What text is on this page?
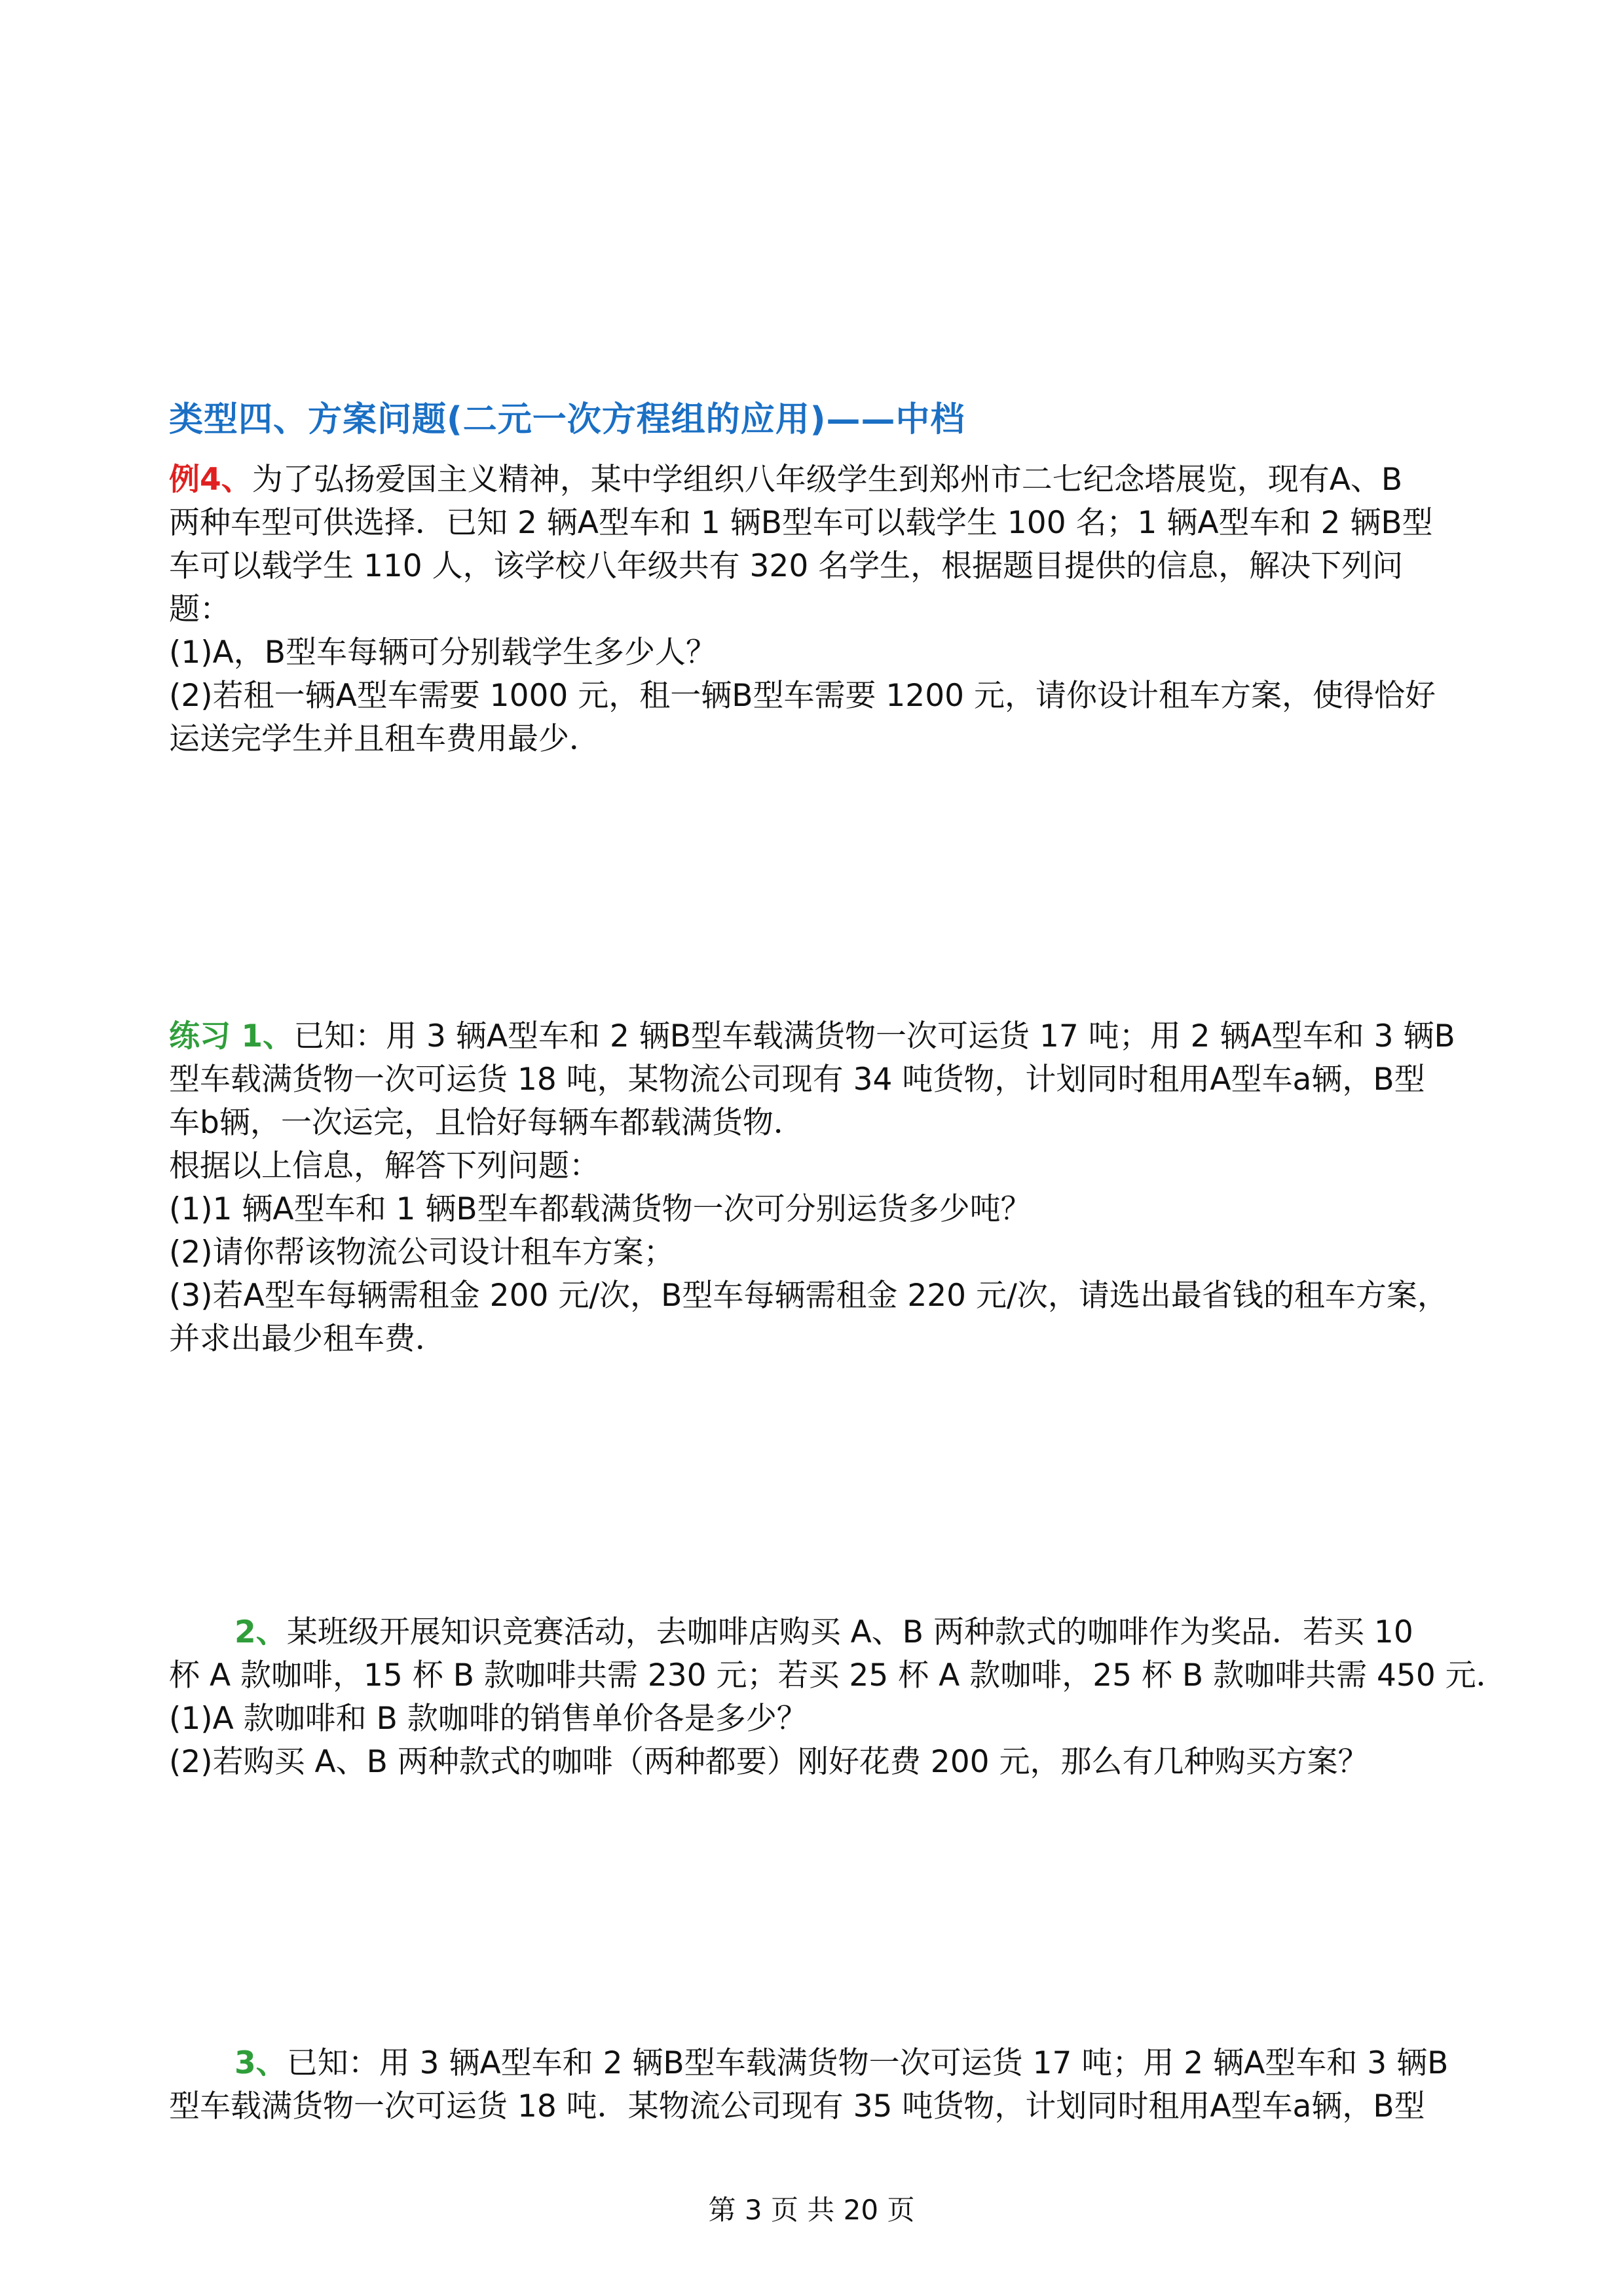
类型四、方案问题(二元一次方程组的应用)——中档

例4、为了弘扬爱国主义精神，某中学组织八年级学生到郑州市二七纪念塔展览，现有A、B

两种车型可供选择．已知 2 辆A型车和 1 辆B型车可以载学生 100 名；1 辆A型车和 2 辆B型

车可以载学生 110 人，该学校八年级共有 320 名学生，根据题目提供的信息，解决下列问

题：

(1)A，B型车每辆可分别载学生多少人？

(2)若租一辆A型车需要 1000 元，租一辆B型车需要 1200 元，请你设计租车方案，使得恰好

运送完学生并且租车费用最少．

练习 1、已知：用 3 辆A型车和 2 辆B型车载满货物一次可运货 17 吨；用 2 辆A型车和 3 辆B

型车载满货物一次可运货 18 吨，某物流公司现有 34 吨货物，计划同时租用A型车a辆，B型

车b辆，一次运完，且恰好每辆车都载满货物．

根据以上信息，解答下列问题：

(1)1 辆A型车和 1 辆B型车都载满货物一次可分别运货多少吨？

(2)请你帮该物流公司设计租车方案；

(3)若A型车每辆需租金 200 元/次，B型车每辆需租金 220 元/次，请选出最省钱的租车方案，

并求出最少租车费．

2、某班级开展知识竞赛活动，去咖啡店购买 A、B 两种款式的咖啡作为奖品．若买 10

杯 A 款咖啡，15 杯 B 款咖啡共需 230 元；若买 25 杯 A 款咖啡，25 杯 B 款咖啡共需 450 元．

(1)A 款咖啡和 B 款咖啡的销售单价各是多少？

(2)若购买 A、B 两种款式的咖啡（两种都要）刚好花费 200 元，那么有几种购买方案？

3、已知：用 3 辆A型车和 2 辆B型车载满货物一次可运货 17 吨；用 2 辆A型车和 3 辆B

型车载满货物一次可运货 18 吨．某物流公司现有 35 吨货物，计划同时租用A型车a辆，B型

第 3 页 共 20 页
